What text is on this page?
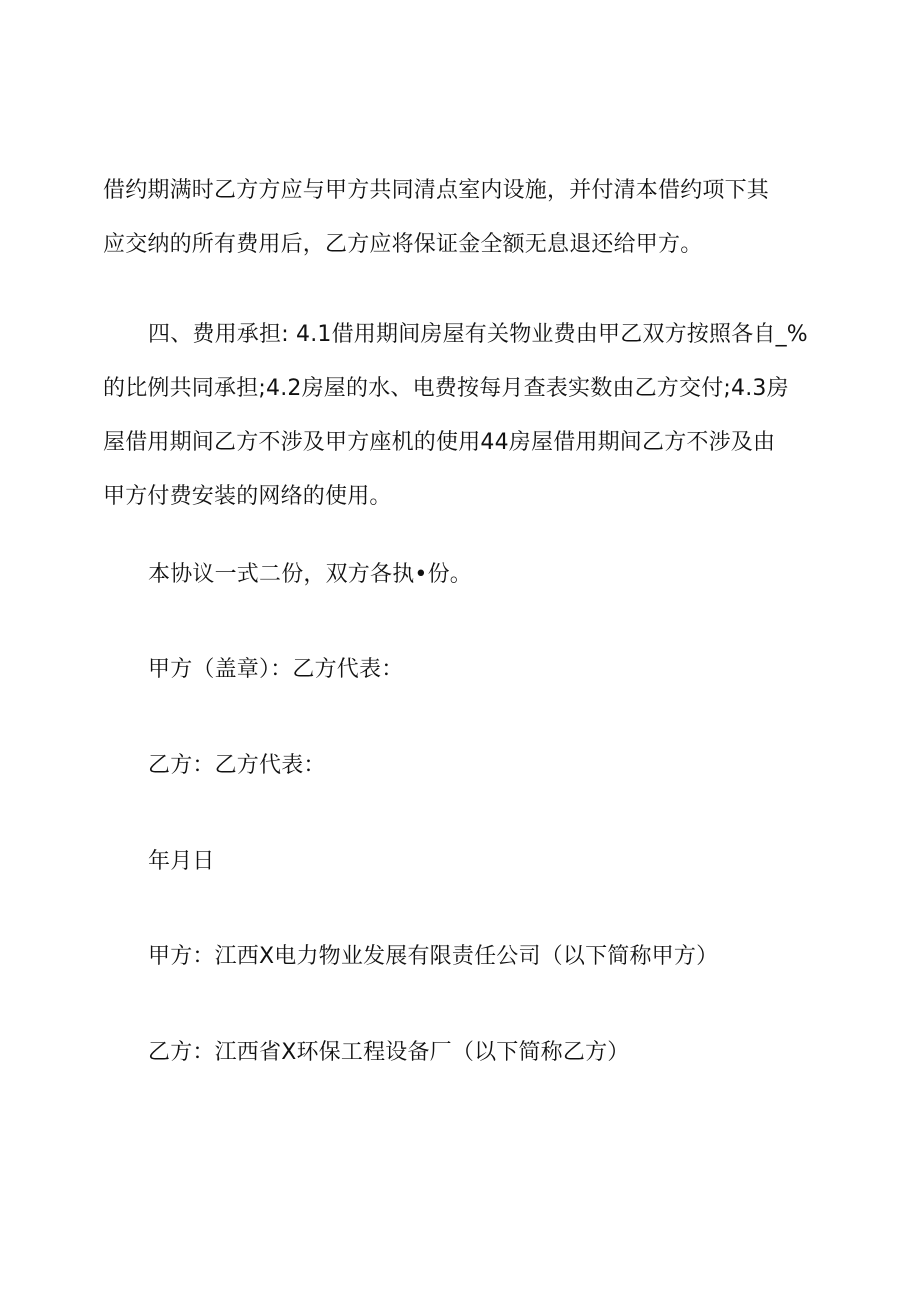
借约期满时乙方方应与甲方共同清点室内设施，并付清本借约项下其
应交纳的所有费用后，乙方应将保证金全额无息退还给甲方。

四、费用承担: 4.1借用期间房屋有关物业费由甲乙双方按照各自_%
的比例共同承担;4.2房屋的水、电费按每月查表实数由乙方交付;4.3房
屋借用期间乙方不涉及甲方座机的使用44房屋借用期间乙方不涉及由
甲方付费安装的网络的使用。

本协议一式二份，双方各执•份。

甲方（盖章）：乙方代表：

乙方：乙方代表：

年月日

甲方：江西X电力物业发展有限责任公司（以下简称甲方）

乙方：江西省X环保工程设备厂（以下简称乙方）
